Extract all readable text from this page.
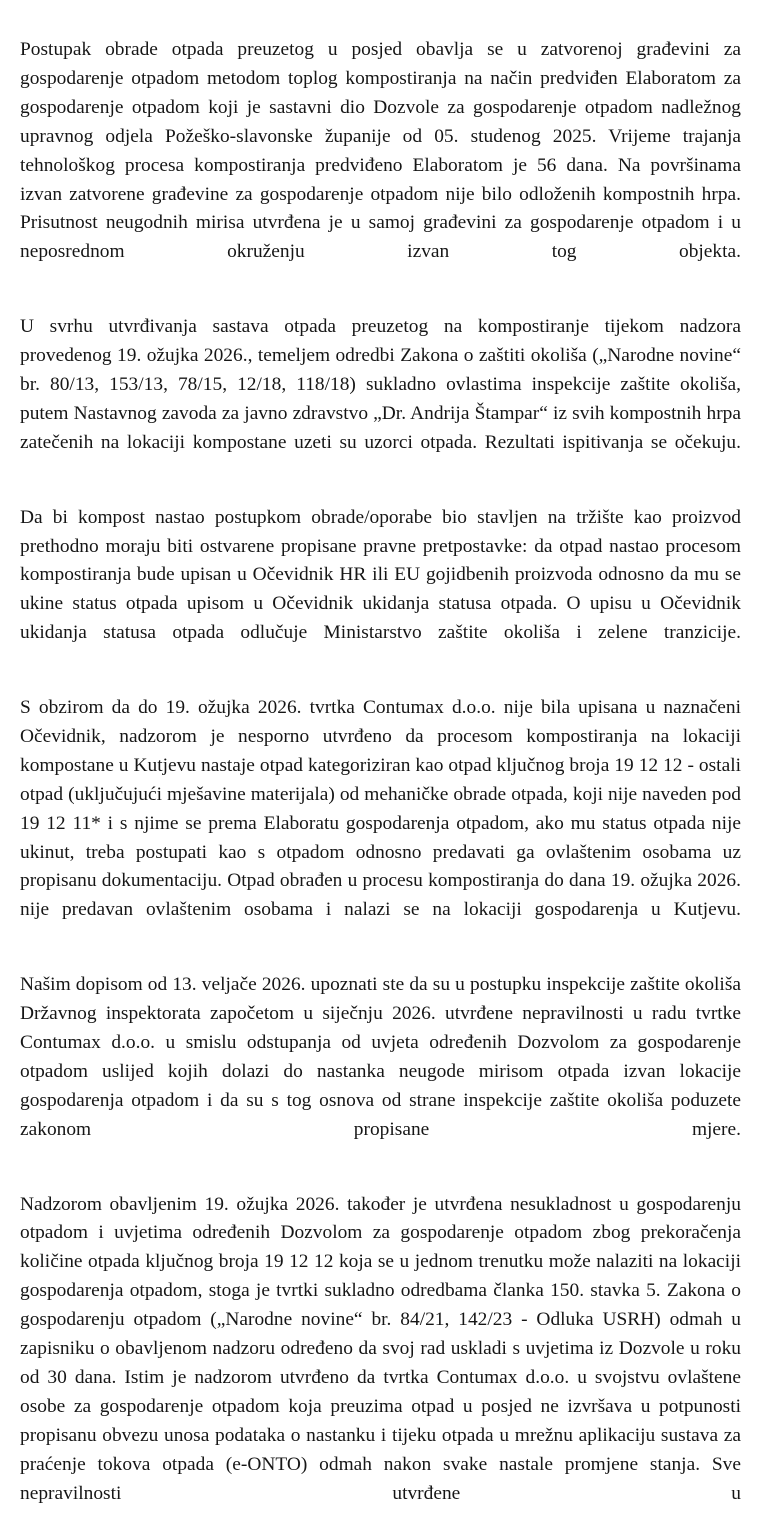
Postupak obrade otpada preuzetog u posjed obavlja se u zatvorenoj građevini za gospodarenje otpadom metodom toplog kompostiranja na način predviđen Elaboratom za gospodarenje otpadom koji je sastavni dio Dozvole za gospodarenje otpadom nadležnog upravnog odjela Požeško-slavonske županije od 05. studenog 2025. Vrijeme trajanja tehnološkog procesa kompostiranja predviđeno Elaboratom je 56 dana. Na površinama izvan zatvorene građevine za gospodarenje otpadom nije bilo odloženih kompostnih hrpa. Prisutnost neugodnih mirisa utvrđena je u samoj građevini za gospodarenje otpadom i u neposrednom okruženju izvan tog objekta.

U svrhu utvrđivanja sastava otpada preuzetog na kompostiranje tijekom nadzora provedenog 19. ožujka 2026., temeljem odredbi Zakona o zaštiti okoliša („Narodne novine“ br. 80/13, 153/13, 78/15, 12/18, 118/18) sukladno ovlastima inspekcije zaštite okoliša, putem Nastavnog zavoda za javno zdravstvo „Dr. Andrija Štampar“ iz svih kompostnih hrpa zatečenih na lokaciji kompostane uzeti su uzorci otpada. Rezultati ispitivanja se očekuju.

Da bi kompost nastao postupkom obrade/oporabe bio stavljen na tržište kao proizvod prethodno moraju biti ostvarene propisane pravne pretpostavke: da otpad nastao procesom kompostiranja bude upisan u Očevidnik HR ili EU gojidbenih proizvoda odnosno da mu se ukine status otpada upisom u Očevidnik ukidanja statusa otpada. O upisu u Očevidnik ukidanja statusa otpada odlučuje Ministarstvo zaštite okoliša i zelene tranzicije.

S obzirom da do 19. ožujka 2026. tvrtka Contumax d.o.o. nije bila upisana u naznačeni Očevidnik, nadzorom je nesporno utvrđeno da procesom kompostiranja na lokaciji kompostane u Kutjevu nastaje otpad kategoriziran kao otpad ključnog broja 19 12 12 - ostali otpad (uključujući mješavine materijala) od mehaničke obrade otpada, koji nije naveden pod 19 12 11* i s njime se prema Elaboratu gospodarenja otpadom, ako mu status otpada nije ukinut, treba postupati kao s otpadom odnosno predavati ga ovlaštenim osobama uz propisanu dokumentaciju. Otpad obrađen u procesu kompostiranja do dana 19. ožujka 2026. nije predavan ovlaštenim osobama i nalazi se na lokaciji gospodarenja u Kutjevu.

Našim dopisom od 13. veljače 2026. upoznati ste da su u postupku inspekcije zaštite okoliša Državnog inspektorata započetom u siječnju 2026. utvrđene nepravilnosti u radu tvrtke Contumax d.o.o. u smislu odstupanja od uvjeta određenih Dozvolom za gospodarenje otpadom uslijed kojih dolazi do nastanka neugode mirisom otpada izvan lokacije gospodarenja otpadom i da su s tog osnova od strane inspekcije zaštite okoliša poduzete zakonom propisane mjere.

Nadzorom obavljenim 19. ožujka 2026. također je utvrđena nesukladnost u gospodarenju otpadom i uvjetima određenih Dozvolom za gospodarenje otpadom zbog prekoračenja količine otpada ključnog broja 19 12 12 koja se u jednom trenutku može nalaziti na lokaciji gospodarenja otpadom, stoga je tvrtki sukladno odredbama članka 150. stavka 5. Zakona o gospodarenju otpadom („Narodne novine“ br. 84/21, 142/23 - Odluka USRH) odmah u zapisniku o obavljenom nadzoru određeno da svoj rad uskladi s uvjetima iz Dozvole u roku od 30 dana. Istim je nadzorom utvrđeno da tvrtka Contumax d.o.o. u svojstvu ovlaštene osobe za gospodarenje otpadom koja preuzima otpad u posjed ne izvršava u potpunosti propisanu obvezu unosa podataka o nastanku i tijeku otpada u mrežnu aplikaciju sustava za praćenje tokova otpada (e-ONTO) odmah nakon svake nastale promjene stanja. Sve nepravilnosti utvrđene u
